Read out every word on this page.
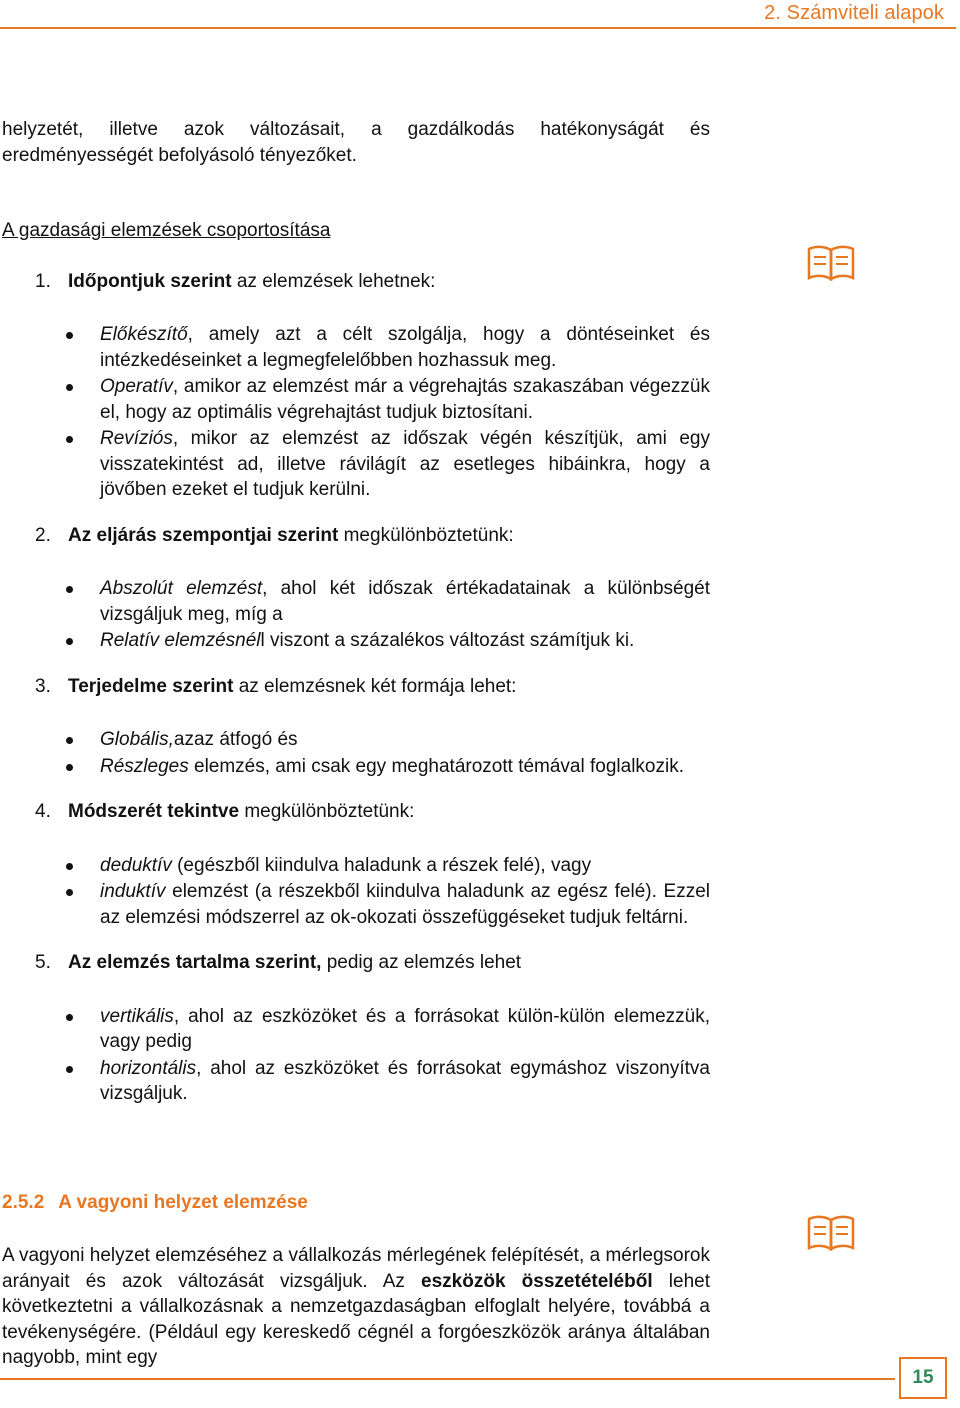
2. Számviteli alapok

helyzetét, illetve azok változásait, a gazdálkodás hatékonyságát és eredményességét befolyásoló tényezőket.

A gazdasági elemzések csoportosítása

1. Időpontjuk szerint az elemzések lehetnek:
Előkészítő, amely azt a célt szolgálja, hogy a döntéseinket és intézkedéseinket a legmegfelelőbben hozhassuk meg.
Operatív, amikor az elemzést már a végrehajtás szakaszában végezzük el, hogy az optimális végrehajtást tudjuk biztosítani.
Revíziós, mikor az elemzést az időszak végén készítjük, ami egy visszatekintést ad, illetve rávilágít az esetleges hibáinkra, hogy a jövőben ezeket el tudjuk kerülni.
2. Az eljárás szempontjai szerint megkülönböztetünk:
Abszolút elemzést, ahol két időszak értékadatainak a különbségét vizsgáljuk meg, míg a
Relatív elemzésnéll viszont a százalékos változást számítjuk ki.
3. Terjedelme szerint az elemzésnek két formája lehet:
Globális,azaz átfogó és
Részleges elemzés, ami csak egy meghatározott témával foglalkozik.
4. Módszerét tekintve megkülönböztetünk:
deduktív (egészből kiindulva haladunk a részek felé), vagy
induktív elemzést (a részekből kiindulva haladunk az egész felé). Ezzel az elemzési módszerrel az ok-okozati összefüggéseket tudjuk feltárni.
5. Az elemzés tartalma szerint, pedig az elemzés lehet
vertikális, ahol az eszközöket és a forrásokat külön-külön elemezzük, vagy pedig
horizontális, ahol az eszközöket és forrásokat egymáshoz viszonyítva vizsgáljuk.
2.5.2 A vagyoni helyzet elemzése

A vagyoni helyzet elemzéséhez a vállalkozás mérlegének felépítését, a mérlegsorok arányait és azok változását vizsgáljuk. Az eszközök összetételéből lehet következtetni a vállalkozásnak a nemzetgazdaságban elfoglalt helyére, továbbá a tevékenységére. (Például egy kereskedő cégnél a forgóeszközök aránya általában nagyobb, mint egy

15
